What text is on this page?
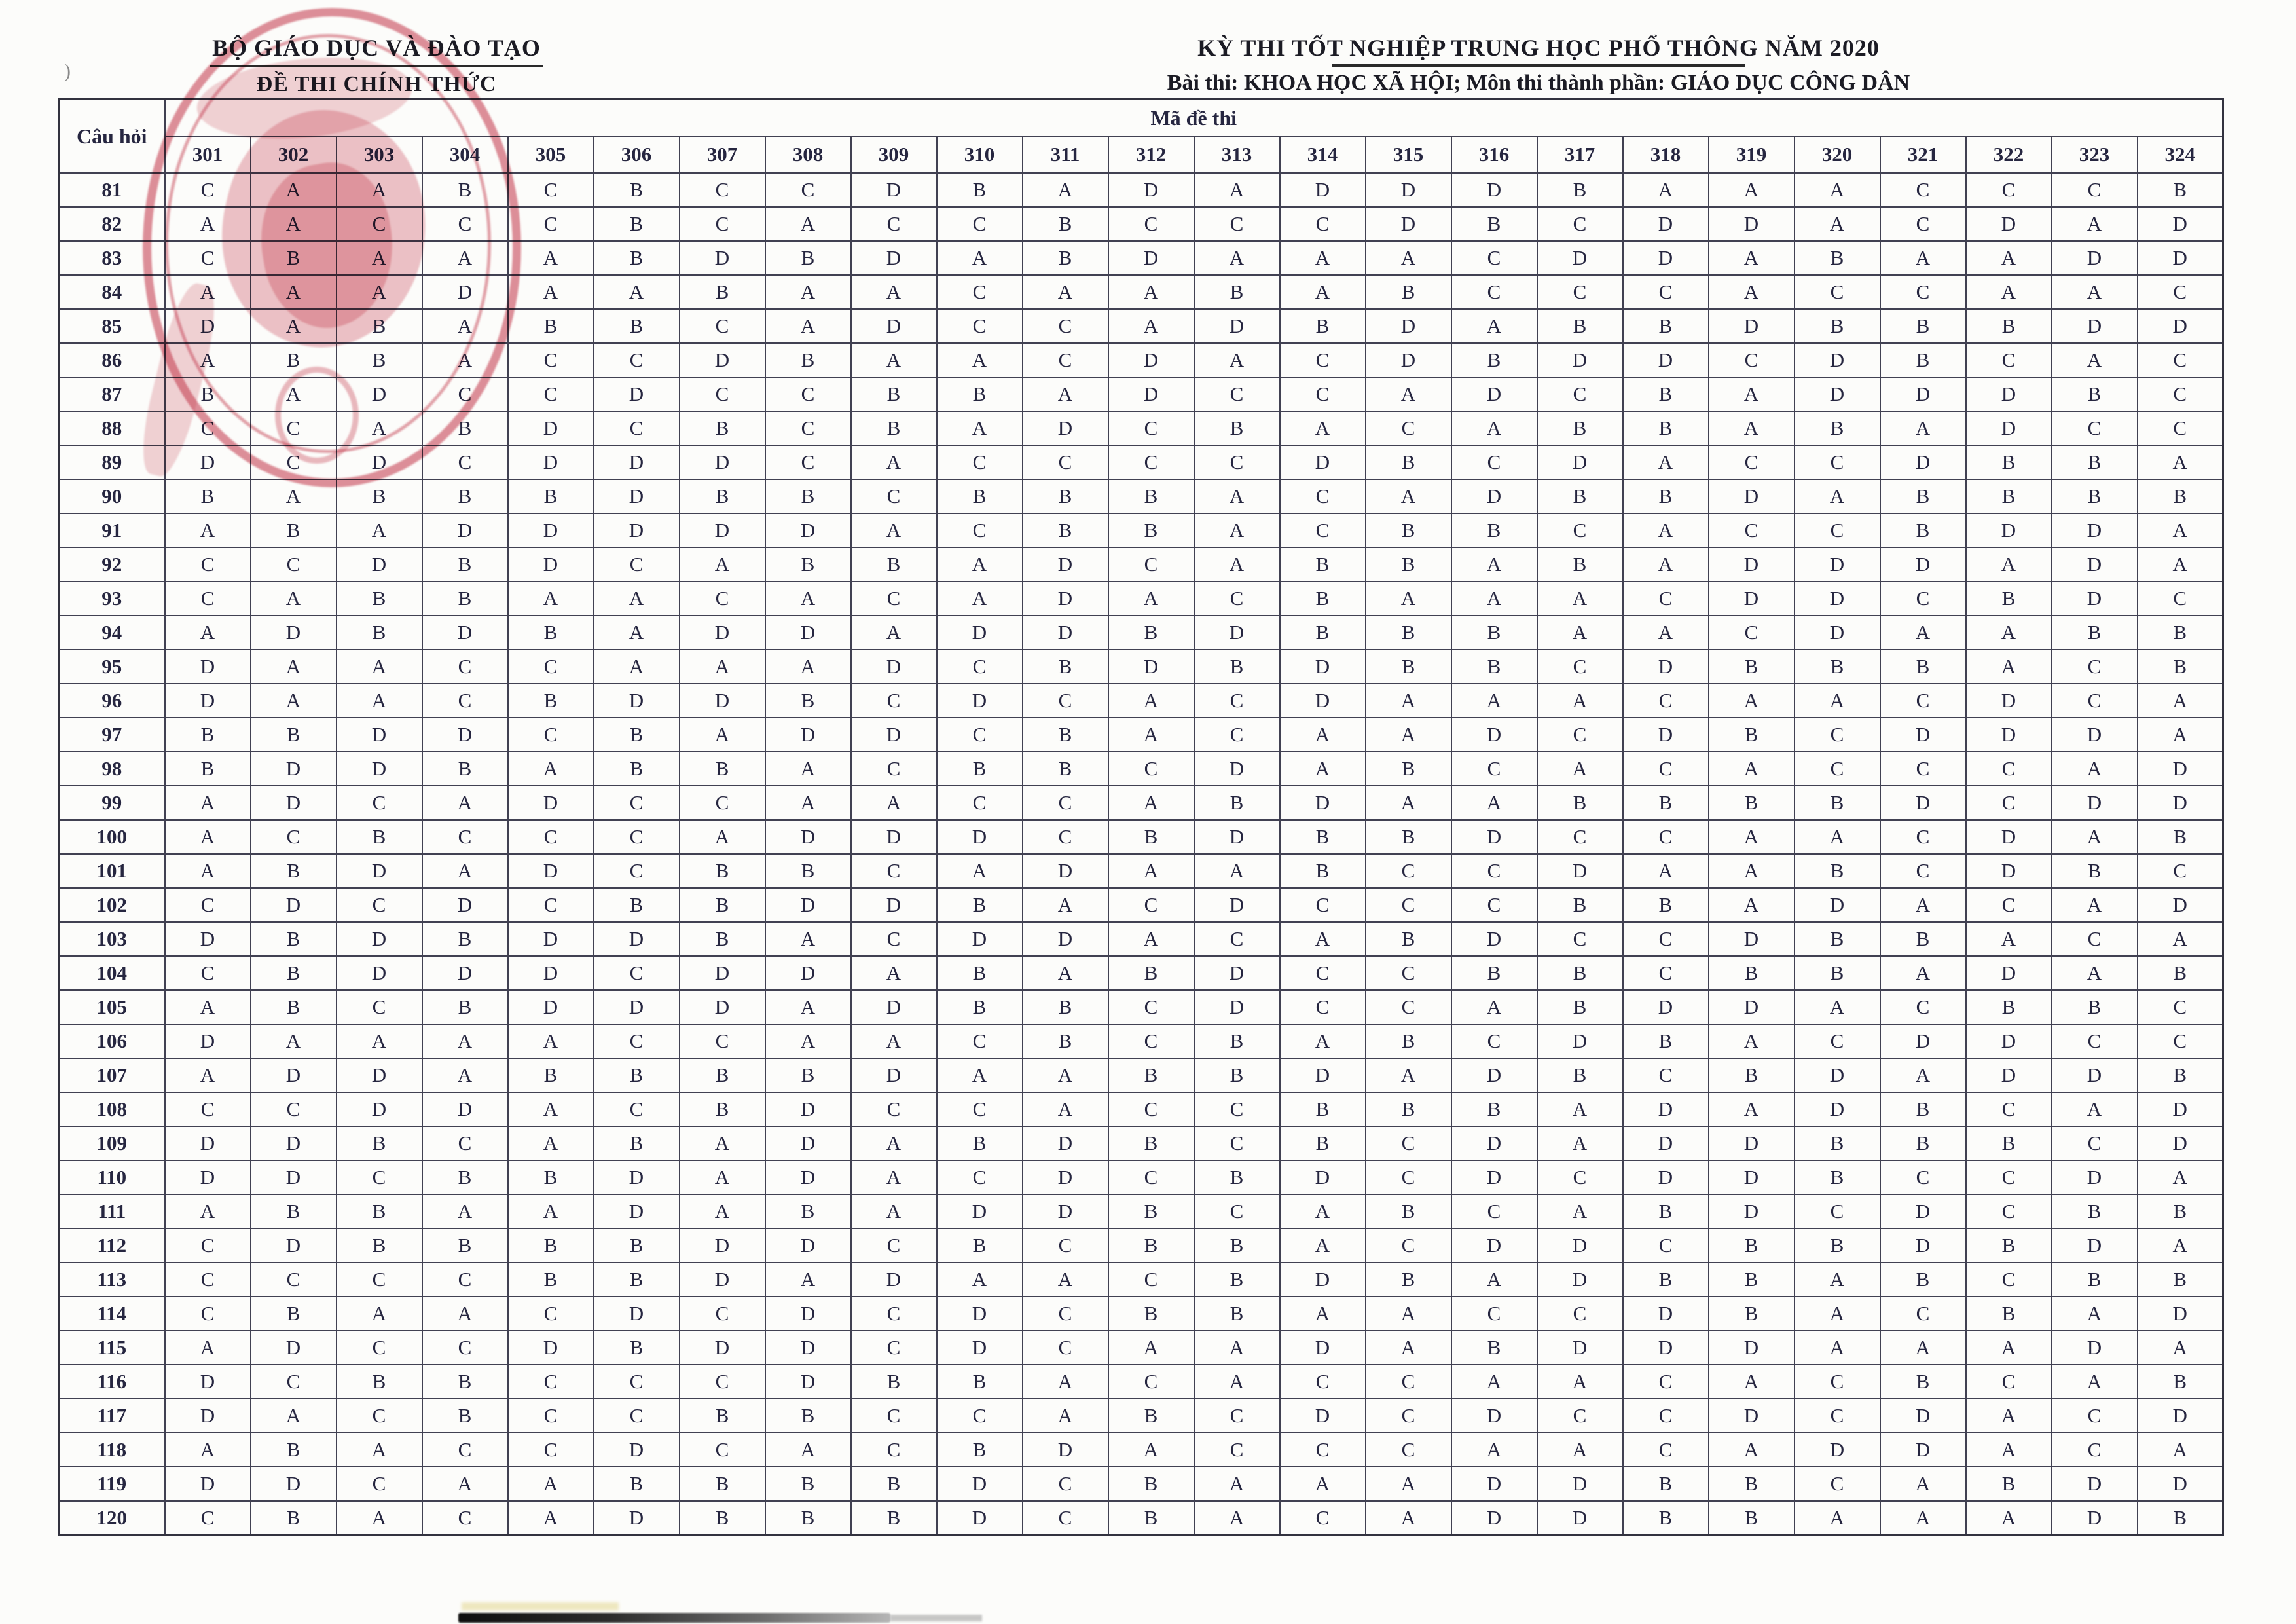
)
BỘ GIÁO DỤC VÀ ĐÀO TẠO
ĐỀ THI CHÍNH THỨC
KỲ THI TỐT NGHIỆP TRUNG HỌC PHỔ THÔNG NĂM 2020
Bài thi: KHOA HỌC XÃ HỘI; Môn thi thành phần: GIÁO DỤC CÔNG DÂN
Câu hỏi	Mã đề thi																							
	301	302	303	304	305	306	307	308	309	310	311	312	313	314	315	316	317	318	319	320	321	322	323	324
81	C	A	A	B	C	B	C	C	D	B	A	D	A	D	D	D	B	A	A	A	C	C	C	B
82	A	A	C	C	C	B	C	A	C	C	B	C	C	C	D	B	C	D	D	A	C	D	A	D
83	C	B	A	A	A	B	D	B	D	A	B	D	A	A	A	C	D	D	A	B	A	A	D	D
84	A	A	A	D	A	A	B	A	A	C	A	A	B	A	B	C	C	C	A	C	C	A	A	C
85	D	A	B	A	B	B	C	A	D	C	C	A	D	B	D	A	B	B	D	B	B	B	D	D
86	A	B	B	A	C	C	D	B	A	A	C	D	A	C	D	B	D	D	C	D	B	C	A	C
87	B	A	D	C	C	D	C	C	B	B	A	D	C	C	A	D	C	B	A	D	D	D	B	C
88	C	C	A	B	D	C	B	C	B	A	D	C	B	A	C	A	B	B	A	B	A	D	C	C
89	D	C	D	C	D	D	D	C	A	C	C	C	C	D	B	C	D	A	C	C	D	B	B	A
90	B	A	B	B	B	D	B	B	C	B	B	B	A	C	A	D	B	B	D	A	B	B	B	B
91	A	B	A	D	D	D	D	D	A	C	B	B	A	C	B	B	C	A	C	C	B	D	D	A
92	C	C	D	B	D	C	A	B	B	A	D	C	A	B	B	A	B	A	D	D	D	A	D	A
93	C	A	B	B	A	A	C	A	C	A	D	A	C	B	A	A	A	C	D	D	C	B	D	C
94	A	D	B	D	B	A	D	D	A	D	D	B	D	B	B	B	A	A	C	D	A	A	B	B
95	D	A	A	C	C	A	A	A	D	C	B	D	B	D	B	B	C	D	B	B	B	A	C	B
96	D	A	A	C	B	D	D	B	C	D	C	A	C	D	A	A	A	C	A	A	C	D	C	A
97	B	B	D	D	C	B	A	D	D	C	B	A	C	A	A	D	C	D	B	C	D	D	D	A
98	B	D	D	B	A	B	B	A	C	B	B	C	D	A	B	C	A	C	A	C	C	C	A	D
99	A	D	C	A	D	C	C	A	A	C	C	A	B	D	A	A	B	B	B	B	D	C	D	D
100	A	C	B	C	C	C	A	D	D	D	C	B	D	B	B	D	C	C	A	A	C	D	A	B
101	A	B	D	A	D	C	B	B	C	A	D	A	A	B	C	C	D	A	A	B	C	D	B	C
102	C	D	C	D	C	B	B	D	D	B	A	C	D	C	C	C	B	B	A	D	A	C	A	D
103	D	B	D	B	D	D	B	A	C	D	D	A	C	A	B	D	C	C	D	B	B	A	C	A
104	C	B	D	D	D	C	D	D	A	B	A	B	D	C	C	B	B	C	B	B	A	D	A	B
105	A	B	C	B	D	D	D	A	D	B	B	C	D	C	C	A	B	D	D	A	C	B	B	C
106	D	A	A	A	A	C	C	A	A	C	B	C	B	A	B	C	D	B	A	C	D	D	C	C
107	A	D	D	A	B	B	B	B	D	A	A	B	B	D	A	D	B	C	B	D	A	D	D	B
108	C	C	D	D	A	C	B	D	C	C	A	C	C	B	B	B	A	D	A	D	B	C	A	D
109	D	D	B	C	A	B	A	D	A	B	D	B	C	B	C	D	A	D	D	B	B	B	C	D
110	D	D	C	B	B	D	A	D	A	C	D	C	B	D	C	D	C	D	D	B	C	C	D	A
111	A	B	B	A	A	D	A	B	A	D	D	B	C	A	B	C	A	B	D	C	D	C	B	B
112	C	D	B	B	B	B	D	D	C	B	C	B	B	A	C	D	D	C	B	B	D	B	D	A
113	C	C	C	C	B	B	D	A	D	A	A	C	B	D	B	A	D	B	B	A	B	C	B	B
114	C	B	A	A	C	D	C	D	C	D	C	B	B	A	A	C	C	D	B	A	C	B	A	D
115	A	D	C	C	D	B	D	D	C	D	C	A	A	D	A	B	D	D	D	A	A	A	D	A
116	D	C	B	B	C	C	C	D	B	B	A	C	A	C	C	A	A	C	A	C	B	C	A	B
117	D	A	C	B	C	C	B	B	C	C	A	B	C	D	C	D	C	C	D	C	D	A	C	D
118	A	B	A	C	C	D	C	A	C	B	D	A	C	C	C	A	A	C	A	D	D	A	C	A
119	D	D	C	A	A	B	B	B	B	D	C	B	A	A	A	D	D	B	B	C	A	B	D	D
120	C	B	A	C	A	D	B	B	B	D	C	B	A	C	A	D	D	B	B	A	A	A	D	B
